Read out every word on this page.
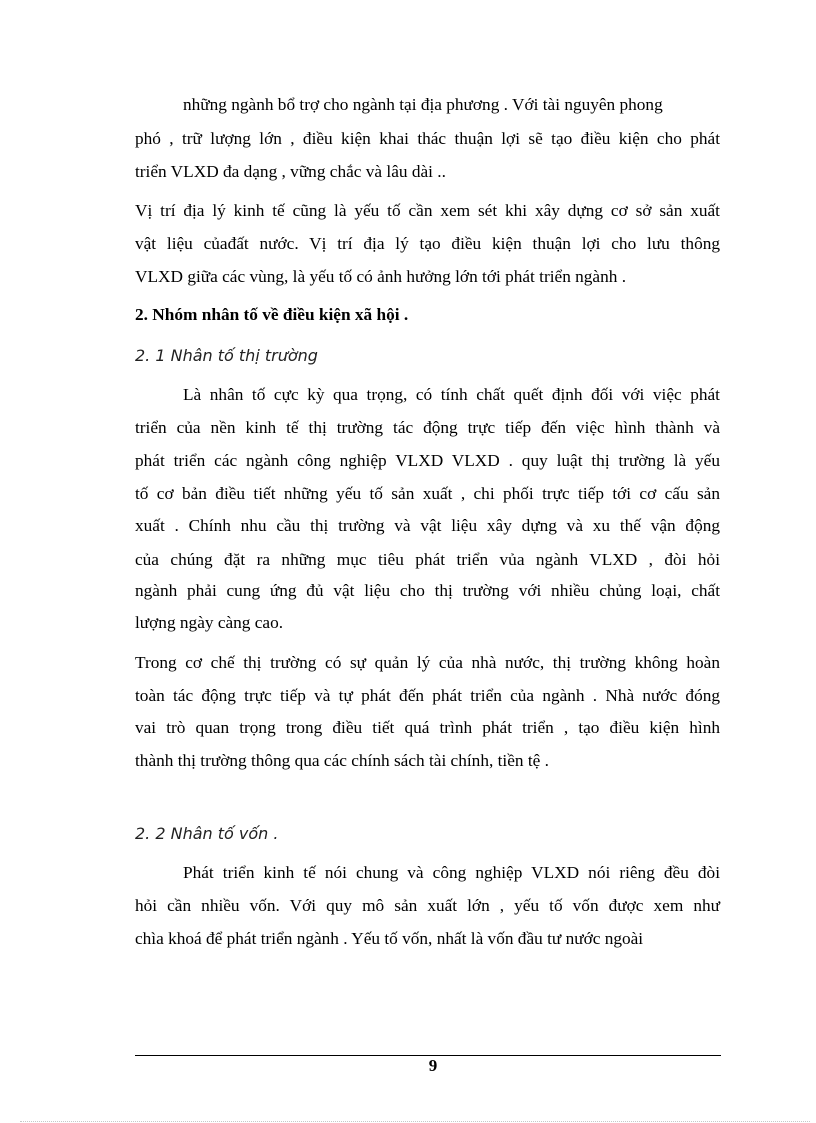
những ngành bổ trợ cho ngành tại địa phương . Với tài nguyên phong
phó , trữ lượng lớn , điều kiện khai thác thuận lợi sẽ tạo điều kiện cho phát
triển VLXD đa dạng , vững chắc và lâu dài ..
Vị trí địa lý kinh tế cũng là yếu tố cần xem sét khi xây dựng cơ sở sản xuất
vật liệu củađất nước. Vị trí địa lý tạo điều kiện thuận lợi cho lưu thông
VLXD giữa các vùng, là yếu tố có ảnh hưởng lớn tới phát triển ngành .
2. Nhóm nhân tố về điều kiện xã hội .
2. 1 Nhân tố thị trường
Là nhân tố cực kỳ qua trọng, có tính chất quết định đối với việc phát
triển của nền kinh tế thị trường tác động trực tiếp đến việc hình thành và
phát triển các ngành công nghiệp VLXD VLXD . quy luật thị trường là yếu
tố cơ bản điều tiết những yếu tố sản xuất , chi phối trực tiếp tới cơ cấu sản
xuất . Chính nhu cầu thị trường và vật liệu xây dựng và xu thế vận động
của chúng đặt ra những mục tiêu phát triển vủa ngành VLXD , đòi hỏi
ngành phải cung ứng đủ vật liệu cho thị trường với nhiều chủng loại, chất
lượng ngày càng cao.
Trong cơ chế thị trường có sự quản lý của nhà nước, thị trường không hoàn
toàn tác động trực tiếp và tự phát đến phát triển của ngành . Nhà nước đóng
vai trò quan trọng trong điều tiết quá trình phát triển , tạo điều kiện hình
thành thị trường thông qua các chính sách tài chính, tiền tệ .
2. 2 Nhân tố vốn .
Phát triển kinh tế nói chung và công nghiệp VLXD nói riêng đều đòi
hỏi cần nhiều vốn. Với quy mô sản xuất lớn , yếu tố vốn được xem như
chìa khoá để phát triển ngành . Yếu tố vốn, nhất là vốn đầu tư nước ngoài
9
